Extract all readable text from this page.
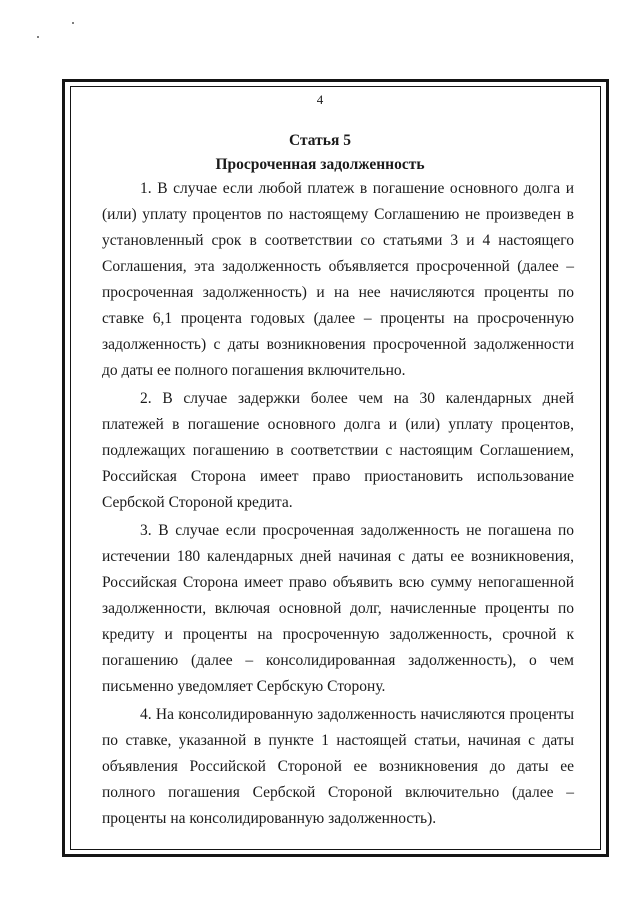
4
Статья 5
Просроченная задолженность

1. В случае если любой платеж в погашение основного долга и (или) уплату процентов по настоящему Соглашению не произведен в установленный срок в соответствии со статьями 3 и 4 настоящего Соглашения, эта задолженность объявляется просроченной (далее – просроченная задолженность) и на нее начисляются проценты по ставке 6,1 процента годовых (далее – проценты на просроченную задолженность) с даты возникновения просроченной задолженности до даты ее полного погашения включительно.

2. В случае задержки более чем на 30 календарных дней платежей в погашение основного долга и (или) уплату процентов, подлежащих погашению в соответствии с настоящим Соглашением, Российская Сторона имеет право приостановить использование Сербской Стороной кредита.

3. В случае если просроченная задолженность не погашена по истечении 180 календарных дней начиная с даты ее возникновения, Российская Сторона имеет право объявить всю сумму непогашенной задолженности, включая основной долг, начисленные проценты по кредиту и проценты на просроченную задолженность, срочной к погашению (далее – консолидированная задолженность), о чем письменно уведомляет Сербскую Сторону.

4. На консолидированную задолженность начисляются проценты по ставке, указанной в пункте 1 настоящей статьи, начиная с даты объявления Российской Стороной ее возникновения до даты ее полного погашения Сербской Стороной включительно (далее – проценты на консолидированную задолженность).
